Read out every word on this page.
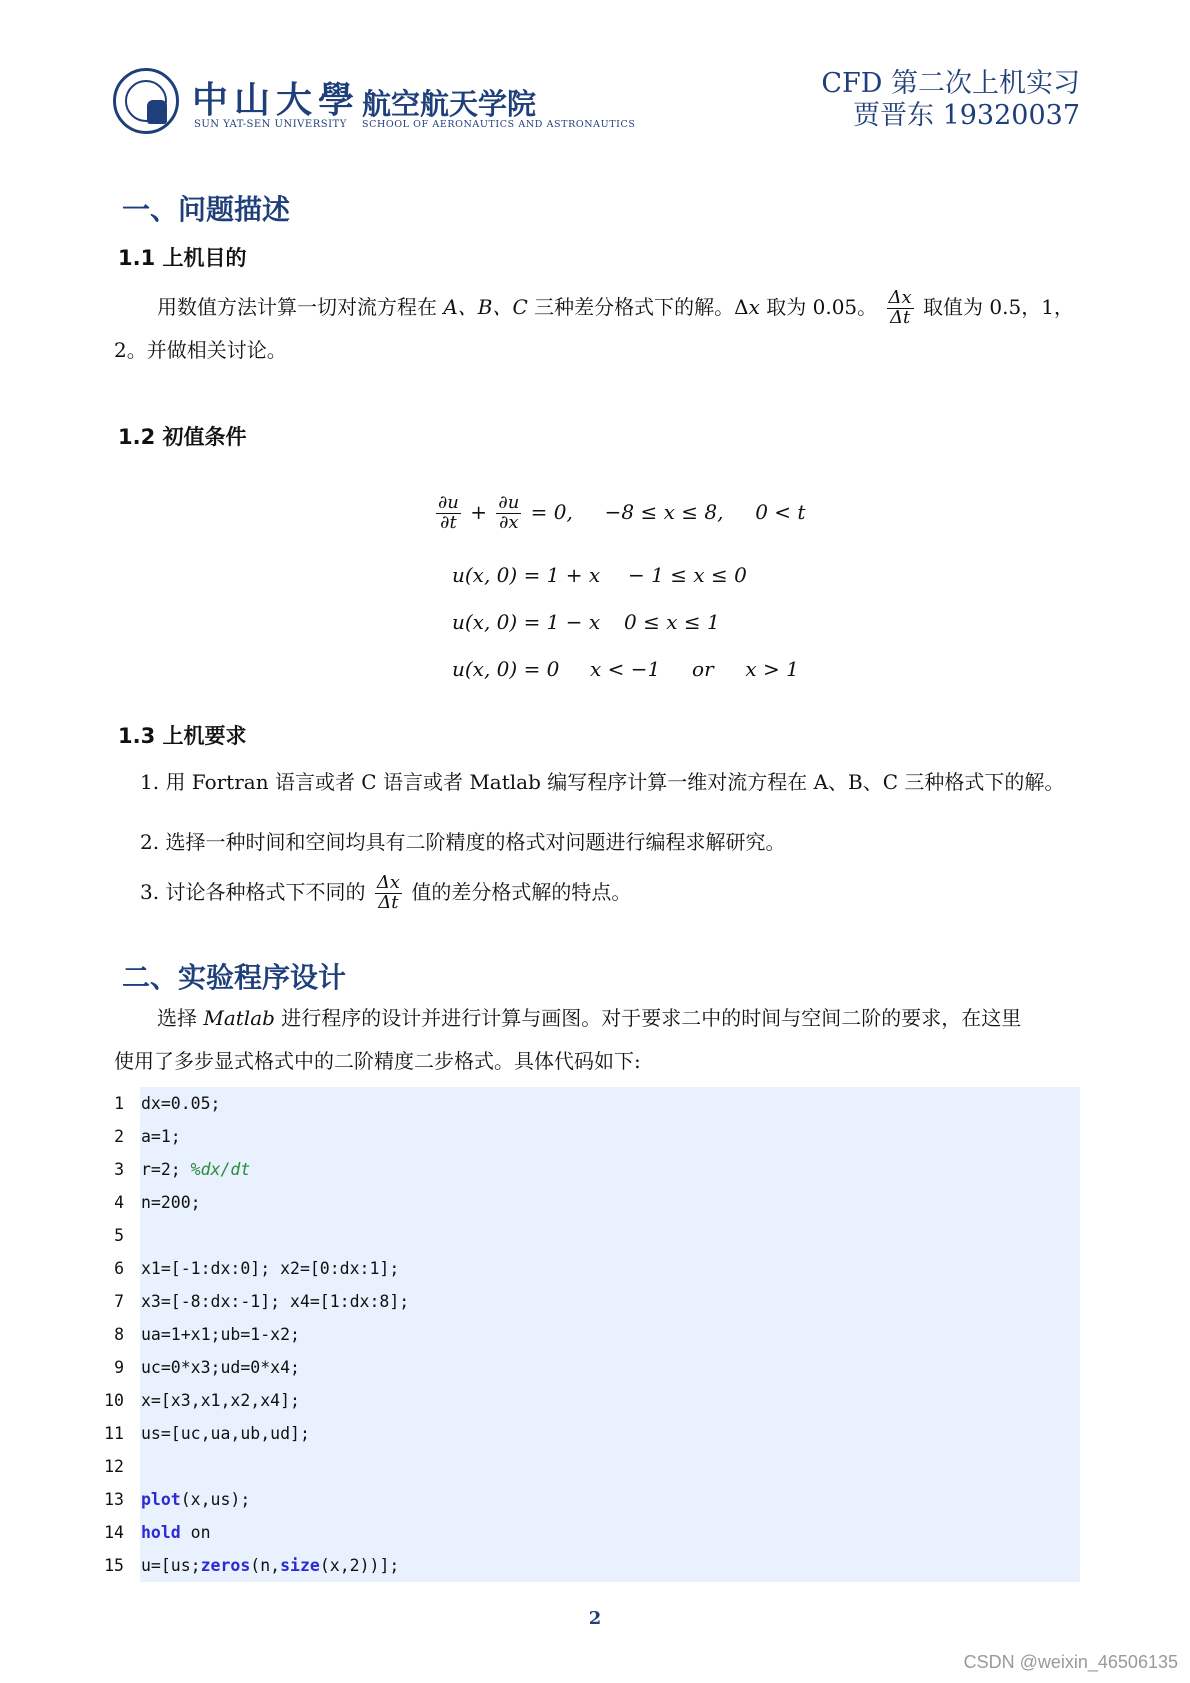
中山大學
SUN YAT-SEN UNIVERSITY
航空航天学院
SCHOOL OF AERONAUTICS AND ASTRONAUTICS
CFD 第二次上机实习
贾晋东 19320037
一、问题描述
1.1 上机目的
用数值方法计算一切对流方程在 A、B、C 三种差分格式下的解。Δx 取为 0.05。 $\frac{\Delta x}{\Delta t}$ 取值为 0.5，1，
2。并做相关讨论。
1.2 初值条件
$\frac{\partial u}{\partial t} + \frac{\partial u}{\partial x} = 0$,     −8 ≤ x ≤ 8,     0 < t
u(x, 0) = 1 + x − 1 ≤ x ≤ 0
u(x, 0) = 1 − x 0 ≤ x ≤ 1
u(x, 0) = 0 x < −1     or     x > 1
1.3 上机要求
1. 用 Fortran 语言或者 C 语言或者 Matlab 编写程序计算一维对流方程在 A、B、C 三种格式下的解。
2. 选择一种时间和空间均具有二阶精度的格式对问题进行编程求解研究。
3. 讨论各种格式下不同的 $\frac{\Delta x}{\Delta t}$ 值的差分格式解的特点。
二、实验程序设计
选择 Matlab 进行程序的设计并进行计算与画图。对于要求二中的时间与空间二阶的要求，在这里
使用了多步显式格式中的二阶精度二步格式。具体代码如下:
1 dx=0.05;
2 a=1;
3 r=2; %dx/dt
4 n=200;
5
6 x1=[-1:dx:0]; x2=[0:dx:1];
7 x3=[-8:dx:-1]; x4=[1:dx:8];
8 ua=1+x1;ub=1-x2;
9 uc=0*x3;ud=0*x4;
10 x=[x3,x1,x2,x4];
11 us=[uc,ua,ub,ud];
12
13 plot(x,us);
14 hold on
15 u=[us;zeros(n,size(x,2))];
2
CSDN @weixin_46506135
